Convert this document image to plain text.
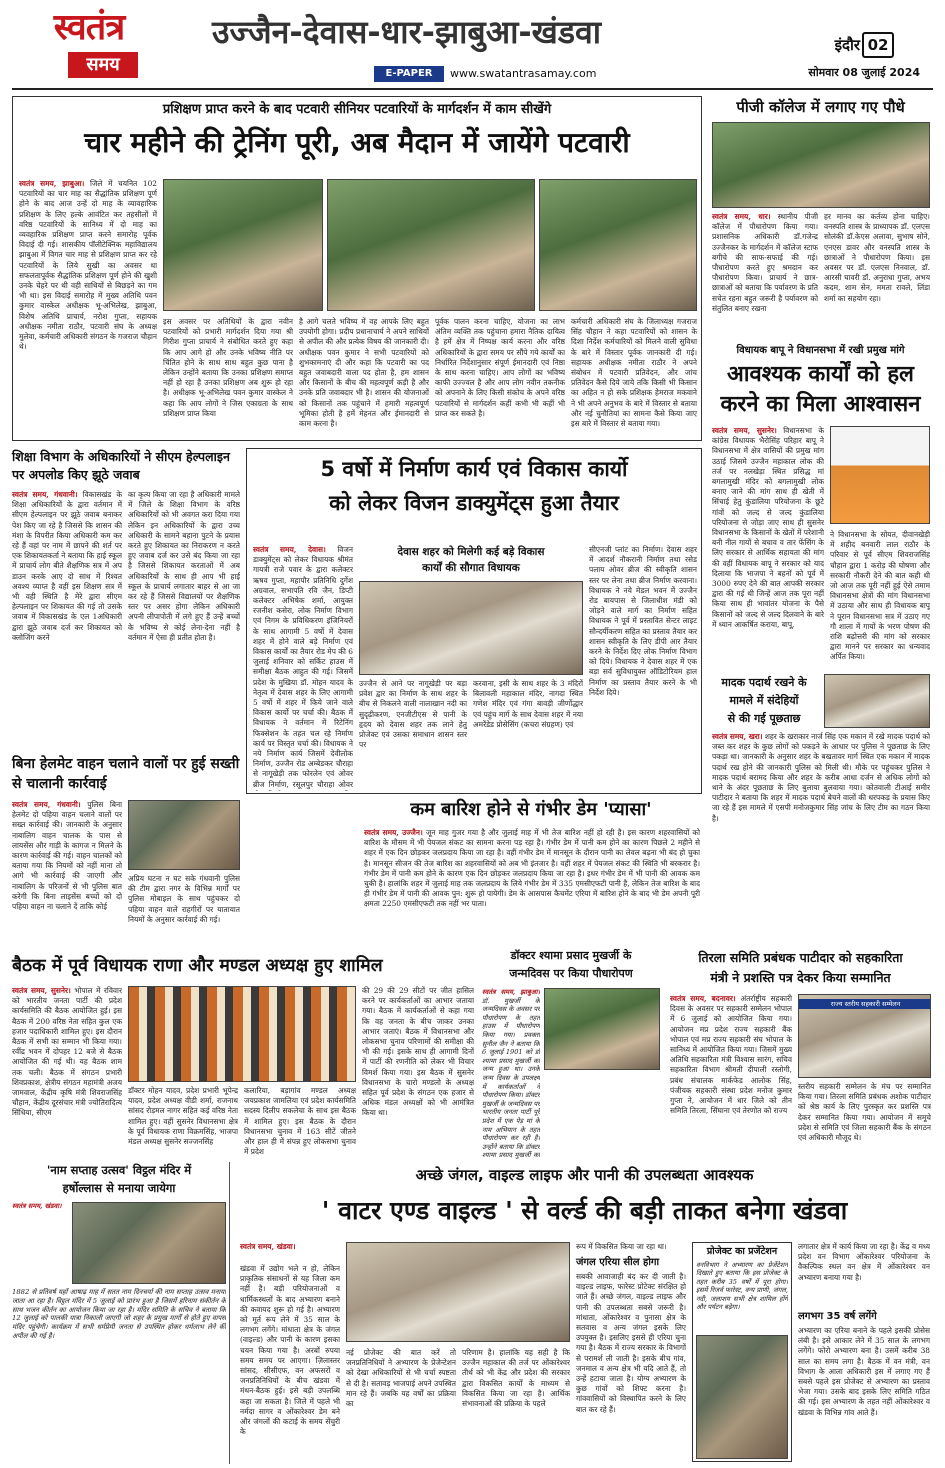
स्वतंत्र
समय
उज्जैन-देवास-धार-झाबुआ-खंडवा
E-PAPER	www.swatantrasamay.com
इंदौर 02
सोमवार 08 जुलाई 2024
प्रशिक्षण प्राप्त करने के बाद पटवारी सीनियर पटवारियों के मार्गदर्शन में काम सीखेंगे
चार महीने की ट्रेनिंग पूरी, अब मैदान में जायेंगे पटवारी
स्वतंत्र समय, झाबुआ। जिले में चयनित 102 पटवारियों का चार माह का सैद्धांतिक प्रशिक्षण पूर्ण होने के बाद आज उन्हें दो माह के व्यावहारिक प्रशिक्षण के लिए हल्के आवंटित कर तहसीलों में वरिष्ठ पटवारियों के सानिध्य में दो माह का व्यवहारिक प्रशिक्षण प्राप्त करने समारोह पूर्वक विदाई दी गई। शासकीय पॉलीटेक्निक महाविद्यालय झाबुआ में विगत चार माह से प्रशिक्षण प्राप्त कर रहे पटवारियों के लिये सुखी का अवसर था सफलतापूर्वक सैद्धांतिक प्रशिक्षण पूर्ण होने की खुशी उनके चेहरे पर थी वही साथियों से बिछड़ने का गम भी था। इस विदाई समारोह में मुख्य अतिथि पवन कुमार वास्केल अधीक्षक भू-अभिलेख, झाबुआ, विशेष अतिथि प्राचार्य, नरोश गुप्ता, सहायक अधीक्षक नमीता राठौर, पटवारी संघ के अध्यक्ष मुलेवा, कर्मचारी अधिकारी संगठन के गजराज चौहान थे।
इस अवसर पर अतिथियों के द्वारा नवीन पटवारियों को प्रभारी मार्गदर्शन दिया गया श्री गिरीश गुप्ता प्राचार्य ने संबोधित करते हुए कहा कि आप आगे हो और उनके भविष्य नीति पर चिंतित होने के साथ साथ बहुत कुछ पाना है लेकिन उन्होंने बताया कि उनका प्रशिक्षण समाप्त नहीं हो रहा है उनका प्रशिक्षण अब शुरू हो रहा है। अधीक्षक भू-अभिलेख पवन कुमार वास्केल ने कहा कि आप लोगों ने जिस एकाग्रता के साथ प्रशिक्षण प्राप्त किया
है आगे चलते भविष्य में वह आपके लिए बहुत उपयोगी होगा। प्रदीप प्रधानाचार्य ने अपने साथियों से अपील की और प्रत्येक विषय की जानकारी दी। अधीक्षक पवन कुमार ने सभी पटवारियों को शुभकामनाएं दी और कहा कि पटवारी का पद बहुत जवाबदारी वाला पद होता है, हम शासन और किसानों के बीच की महत्वपूर्ण कड़ी है और उनके प्रति जवाबदार भी है। शासन की योजनाओं को किसानों तक पहुंचाने में हमारी महत्वपूर्ण भूमिका होती है हमें मेहनत और ईमानदारी से काम करना है।
पूर्वक पालन करना चाहिए, योजना का लाभ अंतिम व्यक्ति तक पहुंचाना हमारा नैतिक दायित्व है हमें क्षेत्र में निष्पक्ष कार्य करना और वरिष्ठ अधिकारियों के द्वारा समय पर सौंपे गये कार्यों का निर्धारित निर्देशानुसार संपूर्ण ईमानदारी एवं निष्ठा के साथ करना चाहिए। आप लोगों का भविष्य काफी उज्ज्वल है और आप लोग नवीन तकनीक को अपनाने के लिए किसी संकोच के अपने वरिष्ठ पटवारियों से मार्गदर्शन कहीं कभी भी कहीं भी प्राप्त कर सकते है।
कर्मचारी अधिकारी संघ के जिलाध्यक्ष गजराज सिंह चौहान ने कहा पटवारियों को शासन के दिशा निर्देश कर्मचारियों को मिलने वाली सुविधा के बारे में विस्तार पूर्वक जानकारी दी गई। सहायक अधीक्षक नमीता राठौर ने अपने संबोधन में पटवारी प्रतिवेदन, और जांच प्रतिवेदन कैसे दिये जाये तकि किसी भी किसान का अहित न हो सके प्रशिक्षक हेमराज मकवाने ने भी अपने अनुभव के बारे में विस्तार से बताया और नई चुनौतियां का सामना कैसे किया जाए इस बारे में विस्तार से बताया गया।
पीजी कॉलेज में लगाए गए पौधे
स्वतंत्र समय, धार। स्थानीय पीजी कॉलेज में पौधारोपण किया गया। प्रशासनिक अधिकारी डॉ.गजेन्द्र उज्जैनकर के मार्गदर्शन में कॉलेज स्टाफ बगीचे की साफ-सफाई की गई। पौधारोपण करते हुए श्रमदान कर पौधारोपण किया। प्राचार्य ने छात्र-छात्राओं को बताया कि पर्यावरण के प्रति सचेत रहना बहुत जरूरी है पर्यावरण को संतुलित बनाए रखना
हर मानव का कर्तव्य होना चाहिए। वनस्पति शास्त्र के प्राध्यापक डॉ. एलएस सोलंकी डॉ.केएस अलावा, सुभाष सोने, एनएस डावर और वनस्पति शास्त्र के छात्राओं ने पौधारोपण किया। इस अवसर पर डॉ. एलएस निनवाल, डॉ. आरसी घावरी डॉ. अनुराधा गुप्ता, अभय कदम, शाम सेन, ममता रावले, लिंडा शर्मा का सहयोग रहा।
विधायक बापू ने विधानसभा में रखी प्रमुख मांगे
आवश्यक कार्यों को हल
करने का मिला आश्वासन
स्वतंत्र समय, सुसनेर। विधानसभा के कांग्रेस विधायक भैरोसिंह परिहार बापू ने विधानसभा में क्षेत्र वासियों की प्रमुख मांग उठाई जिसमे उज्जैन महाकाल लोक की तर्ज पर नलखेड़ा स्थित प्रसिद्ध मां बगलामुखी मंदिर को बगलामुखी लोक बनाए जाने की मांग साथ ही खेती में सिंचाई हेतु कुंडालिया परियोजना के छूटे गांवों को जल्द से जल्द कुंडालिया परियोजना से जोड़ा जाए साथ ही सुसनेर विधानसभा के किसानों के खेतों में परेशानी बनी नील गायों से बचाव व तार फेंसिंग के लिए सरकार से आर्थिक सहायता की मांग की वहीं विधायक बापू ने सरकार को याद दिलाया कि भाजपा ने बहनों को पूर्व में 3000 रुपए देने की बात आपकी सरकार द्वारा की गई थी जिन्हें आज तक पूरा नहीं किया साथ ही भावांतर योजना के पैसे किसानों को जल्द से जल्द दिलवाने के बारे में ध्यान आकर्षित कराया, बापू,
ने विधानसभा के सोयत, दीवानखेड़ी में शहीद बनवारी लाल राठौर के परिवार से पूर्व सीएम शिवराजसिंह चौहान द्वारा 1 करोड़ की घोषणा और सरकारी नौकरी देने की बात कही थी जो आज तक पूरी नहीं हुई ऐसे तमाम विधानसभा क्षेत्रों की मांग विधानसभा में उठाया और साथ ही विधायक बापू ने पूरान विधानसभा सत्र में उठाए गए गौ शाला में गायों के भरण पोषण की राशि बढ़ोत्तरी की मांग को सरकार द्वारा मानने पर सरकार का धन्यवाद अर्पित किया।
मादक पदार्थ रखने के
मामले में संदेहियों
से की गई पूछताछ
स्वतंत्र समय, खरा। शहर के खराकार नार्ज सिंह एक मकान में रखे मादक पदार्थ को जब्त कर शहर के कुछ लोगों को पकड़ने के आधार पर पुलिस ने पूछताछ के लिए पकड़ा था। जानकारी के अनुसार शहर के बखतावर मार्ग स्थित एक मकान में मादक पदार्थ रख होने की जानकारी पुलिस को मिली थी। मौके पर पहुंचकर पुलिस ने मादक पदार्थ बरामद किया और शहर के करीब आधा दर्जन से अधिक लोगों को थाने के अंदर पूछताछ के लिए बुलाया बुलवाया गया। कोतवाली टीआई समीर पाटीदार ने बताया कि शहर में मादक पदार्थ बेचने वालों की धरपकड़ के प्रयास किए जा रहे हैं इस मामले में एसपी मनोजकुमार सिंह जांच के लिए टीम का गठन किया है।
शिक्षा विभाग के अधिकारियों ने सीएम हेल्पलाइन पर अपलोड किए झूठे जवाब
स्वतंत्र समय, गंधवानी। विकासखंड के शिक्षा अधिकारियों के द्वारा वर्तमान में सीएम हेल्पलाइन पर झूठे जवाब बनाकर पेश किए जा रहे है जिससे कि शासन की मंशा के विपरीत किया अधिकारी कम कर रहे हैं वहां पर नाम में छापने की शर्त पर एक शिकायतकर्ता ने बताया कि हाई स्कूल में प्राचार्य लोग बीते शैक्षणिक सत्र में अप डाउन करके आए दो साथ में रिश्वत अवश्य व्याप्त है वहीं इस शिक्षण सत्र में भी वही स्थिति है मेरे द्वारा सीएम हेल्पलाइन पर शिकायत की गई तो उसके जवाब में विकासखंड के एल 1अधिकारी द्वारा झूठे जवाब दर्ज कर शिकायत को क्लोजिंग करने
का कृत्य किया जा रहा है अधिकारी मामले में जिले के शिक्षा विभाग के वरिष्ठ अधिकारियों को भी अवगत करा दिया गया लेकिन इन अधिकारियों के द्वारा उच्च अधिकारी के सामने बहाना पुटने के प्रयास करते हुए शिकायत का निराकरण न करते हुए जवाब दर्ज कर उसे बंद किया जा रहा है जिससे शिकायत करताओं में अब अधिकारियों के साथ ही आप भी हाई स्कूल के प्राचार्य लगातार बाहर से आ जा कर रहे हैं जिससे विद्यालयों पर शैक्षणिक स्तर पर असर होगा लेकिन अधिकारी अपनी लीपापोती में लगे हुए हैं उन्हें बच्चों के भविष्य से कोई लेना-देना नहीं है वर्तमान में ऐसा ही प्रतीत होता है।
बिना हेलमेट वाहन चलाने वालों पर हुई सख्ती से चालानी कार्रवाई
स्वतंत्र समय, गंधवानी। पुलिस बिना हेलमेट दो पहिया वाहन चलाने वालों पर सख्त कार्रवाई की। जानकारी के अनुसार नाबालिग वाहन चालक के पास से लायसेंस और गाड़ी के कागज न मिलने के कारण कार्रवाई की गई। वाहन चालकों को बताया गया कि नियमों को नहीं माना तो आगे भी कार्रवाई की जाएगी और नाबालिग के परिजनों से भी पुलिस बात करेगी कि बिना लाइसेंस बच्चों को दो पहिया वाहन ना चलाने दें ताकि कोई
अप्रिय घटना न घट सके गंधवानी पुलिस की टीम द्वारा नगर के विभिन्न मार्गों पर पुलिस मोबाइल के साथ पहुंचकर दो पहिया वाहन वाले राहगीरों पर यातायात नियमों के अनुसार कार्रवाई की गई।
5 वर्षो में निर्माण कार्य एवं विकास कार्यो
को लेकर विजन डाक्युमेंट्स हुआ तैयार
स्वतंत्र समय, देवास। विजन डाक्युमेंट्स को लेकर विधायक श्रीमंत गायत्री राजे पवार के द्वारा कलेक्टर ऋषव गुप्ता, महापौर प्रतिनिधि दुर्गेश अग्रवाल, सभापति रवि जैन, डिप्टी कलेक्टर अभिषेक शर्मा, आयुक्त रजनीश कसेरा, लोक निर्माण विभाग एवं निगम के प्रविधिकरण इंजिनियरों के साथ आगामी 5 वर्षो में देवास शहर में होने वाले बड़े निर्माण एवं विकास कार्यों का तैयार रोड मेप की 6 जुलाई शनिवार को सर्किट हाउस में समीक्षा बैठक आहुत की गई। जिसमें प्रदेश के मुखिया डॉ. मोहन यादव के नेतृत्व में देवास शहर के लिए आगामी 5 वर्षो में शहर में किये जाने वाले विकास कार्यो पर चर्चा की। बैठक में विधायक ने वर्तमान में रिटेनिंग फिक्सेशन के तहत चल रहे निर्माण कार्य पर विस्तृत चर्चा की। विधायक ने नये निर्माण कार्य जिसमें देवीलोक निर्माण, उज्जैन रोड अम्बेडकर चौराहा से नागूखेड़ी तक फोरलेन एवं ओवर ब्रीज निर्माण, रसूलपुर चौराहा ओवर
देवास शहर को मिलेगी कई बड़े विकास
कार्यों की सौगात विधायक
उज्जैन से आने पर नागूखेड़ी पर बड़ा प्रवेश द्वार का निर्माण के साथ शहर के बीच से निकलने वाली नालाखान नदी का सुदृढ़ीकरण, एनजीटीएस से पानी के हृदय को देवास शहर तक लाने हेतु प्रोजेक्ट एवं उसका समाधान शासन स्तर पर
करवाना, इसी के साथ शहर के 3 मंदिरों बिलावली महाकाल मंदिर, नागदा स्थित गणेश मंदिर एवं गंगा बावड़ी जीर्णोद्धार एवं पहुंच मार्ग के साथ देवास शहर में नया अमरेंडेड प्रोसेसिंग (कचरा संग्रहण) एवं
सीएनजी प्लांट का निर्माण। देवास शहर में आदर्श नौकरानी निर्माण तथा रसेड पलाय ओवर ब्रीज की स्वीकृति शासन स्तर पर लेना तथा ब्रीज निर्माण करवाना। विधायक ने नये मेडल भवन में उज्जैन रोड बायपास से जिलाधीश मंडी को जोड़ने वाले मार्ग का निर्माण सहित विधायक ने पूर्व में प्रस्तावित सेन्टर लाइट सौन्दर्यीकरण सहित का प्रस्ताव तैयार कर शासन स्वीकृति के लिए डीपी आर तैयार करने के निर्देश दिए लोक निर्माण विभाग को दिये। विधायक ने देवास शहर में एक बड़ा सर्व सुविधायुक्त ऑडिटोरियम हाल निर्माण का प्रस्ताव तैयार करने के भी निर्देश दिये।
कम बारिश होने से गंभीर डेम 'प्यासा'
स्वतंत्र समय, उज्जैन। जून माह गुजर गया है और जुलाई माह में भी तेज बारिश नहीं हो रही है। इस कारण शहरवासियों को बारिश के मौसम में भी पेयजल संकट का सामना करना पड़ रहा है। गंभीर डेम में पानी कम होने का कारण पिछले 2 महीने से शहर में एक दिन छोड़कर जलप्रदाय किया जा रहा है। वहीं गंभीर डेम में मानसून के दौरान पानी का लेवल बढ़ना भी बंद हो चुका है। मानसून सीजन की तेज बारिश का शहरवासियों को अब भी इंतजार है। वहीं शहर में पेयजल संकट की स्थिति भी बरकरार है। गंभीर डेम में पानी कम होने के कारण एक दिन छोड़कर जलप्रदाय किया जा रहा है। इधर गंभीर डेम में भी पानी की आवक कम चुकी है। हालांकि शहर में जुलाई माह तक जलप्रदाय के लिये गंभीर डेम में 335 एमसीएफटी पानी है, लेकिन तेज बारिश के बाद ही गंभीर डेम में पानी की आवक पुन: शुरू हो पायेगी। डेम के आसपास कैचमेंट एरिया में बारिश होने के बाद भी डेम अपनी पूरी क्षमता 2250 एमसीएफटी तक नहीं भर पाता।
बैठक में पूर्व विधायक राणा और मण्डल अध्यक्ष हुए शामिल
स्वतंत्र समय, सुसनेर। भोपाल में रविवार को भारतीय जनता पार्टी की प्रदेश कार्यसमिति की बैठक आयोजित हुई। इस बैठक में 200 वरिष्ठ नेता सहित कुल एक हजार पदाधिकारी शामिल हुए। इस दौरान बैठक में सभी का सम्मान भी किया गया। रवींद्र भवन में दोपहर 12 बजे से बैठक आयोजित की गई थी। यह बैठक शाम तक चली। बैठक में संगठन प्रभारी शिवप्रकाश, क्षेत्रीय संगठन महामंत्री अजय जामवाल, केंद्रीय कृषि मंत्री शिवराजसिंह चौहान, केंद्रीय दूरसंचार मंत्री ज्योतिरादित्य सिंधिया, सीएम
डॉक्टर मोहन यादव, प्रदेश प्रभारी भूपेन्द्र यादव, प्रदेश अध्यक्ष वीडी शर्मा, राजनाथ सांसद रोड़मल नागर सहित कई वरिष्ठ नेता शामिल हुए। वहीं सुसनेर विधानसभा क्षेत्र के पूर्व विधायक राणा विक्रमसिंह, भाजपा मंडल अध्यक्ष सुसनेर सज्जनसिंह
कलारिया, बड़ागांव मण्डल अध्यक्ष जयप्रकाश जामलिया एवं प्रदेश कार्यसमिति सदस्य दिलीप सकलेचा के साथ इस बैठक में शामिल हुए। इस बैठक के दौरान विधानसभा चुनाव में 163 सीटें जीतने और हाल ही में संपन्न हुए लोकसभा चुनाव में प्रदेश
की 29 की 29 सीटों पर जीत हासिल करने पर कार्यकर्ताओं का आभार जताया गया। बैठक में कार्यकर्ताओं से कहा गया कि वह जनता के बीच जाकर उनका आभार जताएं। बैठक में विधानसभा और लोकसभा चुनाव परिणामों की समीक्षा की भी की गई। इसके साथ ही आगामी दिनों में पार्टी की रणनीति को लेकर भी विचार विमर्श किया गया। इस बैठक में सुसनेर विधानसभा के चारो मण्डलो के अध्यक्ष सहित पूर्व प्रदेश के संगठन एक हजार से अधिक मंडल अध्यक्षों को भी आमंत्रित किया था।
डॉक्टर श्यामा प्रसाद मुखर्जी के
जन्मदिवस पर किया पौधारोपण
स्वतंत्र समय, झाबुआ। डॉ. मुखर्जी के जन्मदिवस के अवसर पर पौधारोपण के तहत हाउस में पौधारोपण किया गया। प्रवक्ता सुनील जैन ने बताया कि 6 जुलाई 1901 को डॉ श्यामा प्रसाद मुखर्जी का जन्म हुआ था। उनके जन्म दिवस के उपलक्ष्य में कार्यकर्ताओं ने पौधारोपण किया। डॉक्टर मुखर्जी के जन्मदिवस पर भारतीय जनता पार्टी पूरे प्रदेश में एक पेड़ मां के नाम अभियान के तहत पौधारोपण कर रही है। उन्होंने बताया कि डॉक्टर श्यामा प्रसाद मुखर्जी का
तिरला समिति प्रबंधक पाटीदार को सहकारिता
मंत्री ने प्रशस्ति पत्र देकर किया सम्मानित
स्वतंत्र समय, बदनावर। अंतर्राष्ट्रीय सहकारी दिवस के अवसर पर सहकारी सम्मेलन भोपाल में 6 जुलाई को आयोजित किया गया। आयोजन मप्र प्रदेश राज्य सहकारी बैंक भोपाल एवं मप्र राज्य सहकारी संघ भोपाल के सानिध्य में आयोजित किया गया। जिसमें मुख्य अतिथि सहकारिता मंत्री विश्वास सारंग, सचिव सहकारिता विभाग श्रीमती दीपाली रस्तोगी, प्रबंध संचालक मार्कफेड आलोक सिंह, पंजीयक सहकारी संस्था प्रदेश मनोज कुमार गुप्ता ने, आयोजन में धार जिले को तीन समिति तिरला, सिंघाना एवं तेरणोत को राज्य
राज्य स्तरीय सहकारी सम्मेलन
स्तरीय सहकारी सम्मेलन के मंच पर सम्मानित किया गया। तिरला समिति प्रबंधक अशोक पाटीदार को श्रेष्ठ कार्य के लिए पुरस्कृत कर प्रशस्ति पत्र देकर सम्मानित किया गया। आयोजन में समूचे प्रदेश से समिति एवं जिला सहकारी बैंक के संगठन एवं अधिकारी मौजूद थे।
'नाम सप्ताह उत्सव' विट्ठल मंदिर में
हर्षोल्लास से मनाया जायेगा
स्वतंत्र समय, खंडवा।
1882 से प्रतिवर्ष यहाँ आषाढ़ माह में सतत नाम दिनचर्या की नाम सप्ताह उत्सव मनाया जाता आ रहा है। विट्ठल मंदिर में 5 जुलाई को प्रारंभ हुआ है जिसमें हरिनाम संकीर्तन के साथ भजन कीर्तन का आयोजन किया जा रहा है। मंदिर समिति के सचिव ने बताया कि 12 जुलाई को पालकी यात्रा निकाली जाएगी जो शहर के प्रमुख मार्गों से होते हुए वापस मंदिर पहुंचेगी। कार्यक्रम में सभी धर्मप्रेमी जनता से उपस्थित होकर धर्मलाभ लेने की अपील की गई है।
अच्छे जंगल, वाइल्ड लाइफ और पानी की उपलब्धता आवश्यक
' वाटर एण्ड वाइल्ड ' से वर्ल्ड की बड़ी ताकत बनेगा खंडवा
स्वतंत्र समय, खंडवा।
खंडवा में उद्योग भले न हो, लेकिन प्राकृतिक संसाधनों से यह जिला कम नहीं है। बड़ी परियोजनाओं व धार्मिकस्थलों के बाद अभ्यारण बनाने की कवायद शुरू हो गई है। अभ्यारण को मूर्त रूप लेने में 35 साल के लगभग लगेंगे। मांधाता क्षेत्र के जंगल (वाइल्ड) और पानी के कारण इसका चयन किया गया है। अरबों रुपया समय समय पर आएगा। ज़िलास्तर सांसद, सीसीएफ, वन अफसरों व जनप्रतिनिधियों के बीच खंडवा में मंथन-बैठक हुई। इसे बड़ी उपलब्धि कहा जा सकता है। जिले में पहले भी नर्मदा सागर व ओंकारेश्वर डेम बने और जंगलों की कटाई के समय सेंचुरी के
रूप में विकसित किया जा रहा था।
जंगल एरिया सील होगा
सबकी आवाजाही बंद कर दी जाती है। वाइल्ड लाइफ, फारेस्ट प्रोटेक्ट संरक्षित हो जाते हैं। अच्छे जंगल, वाइल्ड लाइफ और पानी की उपलब्धता सबसे जरूरी है। मांधाता, ओंकारेश्वर व पुनासा क्षेत्र के सतवास व अन्य जंगल इसके लिए उपयुक्त है। इसलिए इससे ही एरिया चुना गया है। बैठक में राज्य सरकार के विभागों से परामर्श ली जाती है। इसके बीच गांव, जनमाल व अन्य क्षेत्र भी यदि आते हैं, तो उन्हें हटाया जाता है। योग्य अभ्यारण के कुछ गांवों को शिफ्ट करना है। गांववासियों को विस्थापित करने के लिए बात कर रहे हैं।
नई प्रोजेक्ट की बात करें तो जनप्रतिनिधियों ने अभ्यारण के प्रेजेन्टेशन को देखा अधिकारियों से भी चर्चा स्पष्टता से दी है। सतावड़ भाजपाई अपने उपस्थित मान रहे हैं। जबकि यह वर्षों का प्रक्रिया का
परिणाम है। हालांकि यह सही है कि उज्जैन महाकाल की तर्ज पर ओंकारेश्वर तीर्थ को भी केंद्र और प्रदेश की सरकार द्वारा विकसित कार्यों के माध्यम से विकसित किया जा रहा है। आर्थिक संभावनाओं की प्रक्रिया के पहले
प्रोजेक्ट का प्रजेंटेशन
वनविभाग ने अभ्यारण का प्रेजेंटेशन दिखाते हुए बताया कि इस प्रोजेक्ट के तहत करीब 35 वर्षों में पूरा होगा। इसमें रिजर्व फारेस्ट, वन्य प्राणी, जंगल, नदी, जलाशय सभी क्षेत्र शामिल होंगे और पर्यटन बढ़ेगा।
लगातार क्षेत्र में कार्य किया जा रहा है। केंद्र व मध्य प्रदेश वन विभाग ओंकारेश्वर परियोजना के वैकल्पिक स्थल वन क्षेत्र में ओंकारेश्वर वन अभ्यारण बनाया गया है।
लगभग 35 वर्ष लगेंगे
अभ्यारण का एरिया बनाने के पहले इसकी प्रोसेस लंबी है। इसे आकार लेने में 35 साल के लगभग लगेंगे। फोरो अभ्यारण बना है। उसमें करीब 38 साल का समय लगा है। बैठक में वन मंत्री, वन विभाग के आला अधिकारी इस में लगाए गए हैं सबसे पहले इस प्रोजेक्ट से अभ्यारण का प्रस्ताव भेजा गया। उसके बाद इसके लिए समिति गठित की गई। इस अभ्यारण के तहत नहीं ओंकारेश्वर व खंडवा के विभिन्न गांव आते हैं।
